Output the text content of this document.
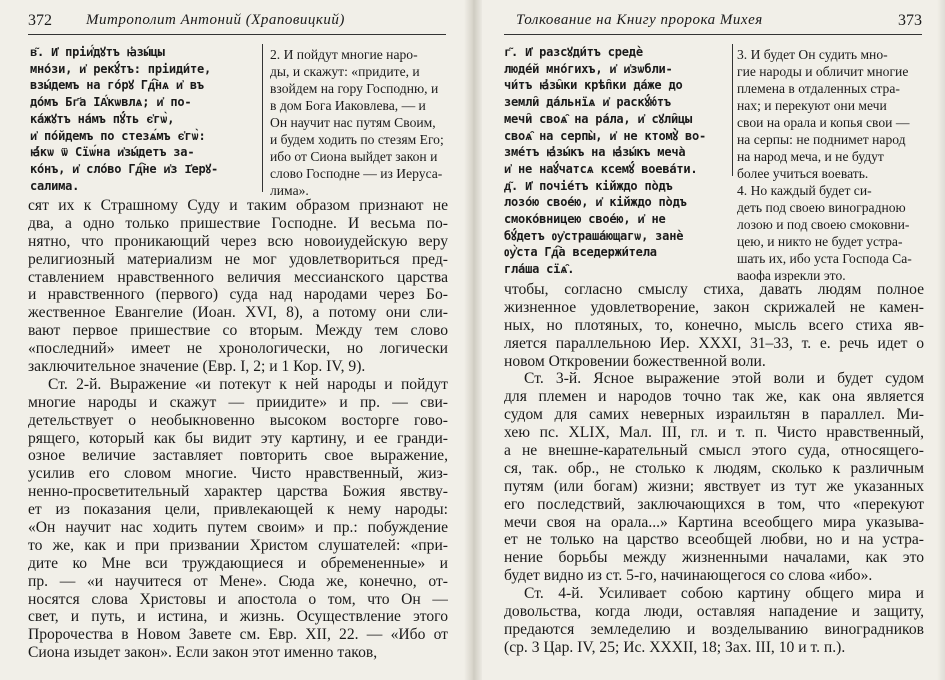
372 Митрополит Антоний (Храповицкий)
в͂. И҆ пріи҆́дꙋтъ ꙗ҆зы́цы
мно́зи, и҆ рекꙋ́тъ: пріиди́те,
взы́демъ на го́рꙋ Гд҇нѧ и҆ въ
до́мъ Бг҃а ІА҆́кѡвлѧ; и҆ по-
ка́жꙋтъ на́мъ пꙋ́ть є҆гѡ̀,
и҆ по́йдемъ по стезѧ́мъ є҆гѡ̀:
ꙗ҆́кѡ ѿ Сїѡ́на и҆зы́детъ за-
ко́нъ, и҆ сло́во Гд҇не и҆з І҆ерꙋ-
салима.
2. И пойдут многие наро-
ды, и скажут: «придите, и
взойдем на гору Господню, и
в дом Бога Иаковлева, — и
Он научит нас путям Своим,
и будем ходить по стезям Его;
ибо от Сиона выйдет закон и
слово Господне — из Иеруса-
лима».
сят их к Страшному Суду и таким образом признают не
два, а одно только пришествие Господне. И весьма по-
нятно, что проникающий через всю новоиудейскую веру
религиозный материализм не мог удовлетвориться пред-
ставлением нравственного величия мессианского царства
и нравственного (первого) суда над народами через Бо-
жественное Евангелие (Иоан. XVI, 8), а потому они сли-
вают первое пришествие со вторым. Между тем слово
«последний» имеет не хронологически, но логически
заключительное значение (Евр. I, 2; и 1 Кор. IV, 9).
Ст. 2-й. Выражение «и потекут к ней народы и пойдут
многие народы и скажут — приидите» и пр. — сви-
детельствует о необыкновенно высоком восторге гово-
рящего, который как бы видит эту картину, и ее гранди-
озное величие заставляет повторить свое выражение,
усилив его словом многие. Чисто нравственный, жиз-
ненно-просветительный характер царства Божия явству-
ет из показания цели, привлекающей к нему народы:
«Он научит нас ходить путем своим» и пр.: побуждение
то же, как и при призвании Христом слушателей: «при-
дите ко Мне вси труждающиеся и обремененные» и
пр. — «и научитеся от Мене». Сюда же, конечно, от-
носятся слова Христовы и апостола о том, что Он —
свет, и путь, и истина, и жизнь. Осуществление этого
Пророчества в Новом Завете см. Евр. XII, 22. — «Ибо от
Сиона изыдет закон». Если закон этот именно таков,
Толкование на Книгу пророка Михея	373
г͂. И҆ разсꙋди́тъ средѐ
люде́й мно́гихъ, и҆ и҆зѡбли-
чи́тъ ꙗ҆зы̑ки крѣ̑пки да́же до
земли̑ да́льнїѧ и҆ раскꙋ́ю́тъ
мечи̑ своѧ̑ на ра́ла, и҆ сꙋли̑цы
своѧ̑ на серпы̀, и҆ не ктомꙋ̀ во-
зме́тъ ꙗ҆зы́къ на ꙗ҆зы́къ меча̀
и҆ не наꙋ́чатсѧ ксемꙋ́ воева́ти.
д͂. И҆ почі́етъ кі́йждо по̀дъ
лозо́ю свое́ю, и҆ кі́йждо по̀дъ
смоко́вницею свое́ю, и҆ не
бꙋ́детъ ᲂу҆страша́ющагѡ, занѐ
ᲂу҆̀ста Гд҇а вседержи́тела
гла́ша сїѧ̑.
3. И будет Он судить мно-
гие народы и обличит многие
племена в отдаленных стра-
нах; и перекуют они мечи
свои на орала и копья свои —
на серпы: не поднимет народ
на народ меча, и не будут
более учиться воевать.
4. Но каждый будет си-
деть под своею виноградною
лозою и под своею смоковни-
цею, и никто не будет устра-
шать их, ибо уста Господа Са-
ваофа изрекли это.
чтобы, согласно смыслу стиха, давать людям полное
жизненное удовлетворение, закон скрижалей не камен-
ных, но плотяных, то, конечно, мысль всего стиха яв-
ляется параллельною Иер. XXXI, 31–33, т. е. речь идет о
новом Откровении божественной воли.
Ст. 3-й. Ясное выражение этой воли и будет судом
для племен и народов точно так же, как она является
судом для самих неверных израильтян в параллел. Ми-
хею пс. XLIX, Мал. III, гл. и т. п. Чисто нравственный,
а не внешне-карательный смысл этого суда, относящего-
ся, так. обр., не столько к людям, сколько к различным
путям (или богам) жизни; явствует из тут же указанных
его последствий, заключающихся в том, что «перекуют
мечи своя на орала...» Картина всеобщего мира указыва-
ет не только на царство всеобщей любви, но и на устра-
нение борьбы между жизненными началами, как это
будет видно из ст. 5-го, начинающегося со слова «ибо».
Ст. 4-й. Усиливает собою картину общего мира и
довольства, когда люди, оставляя нападение и защиту,
предаются земледелию и возделыванию виноградников
(ср. 3 Цар. IV, 25; Ис. XXXII, 18; Зах. III, 10 и т. п.).
